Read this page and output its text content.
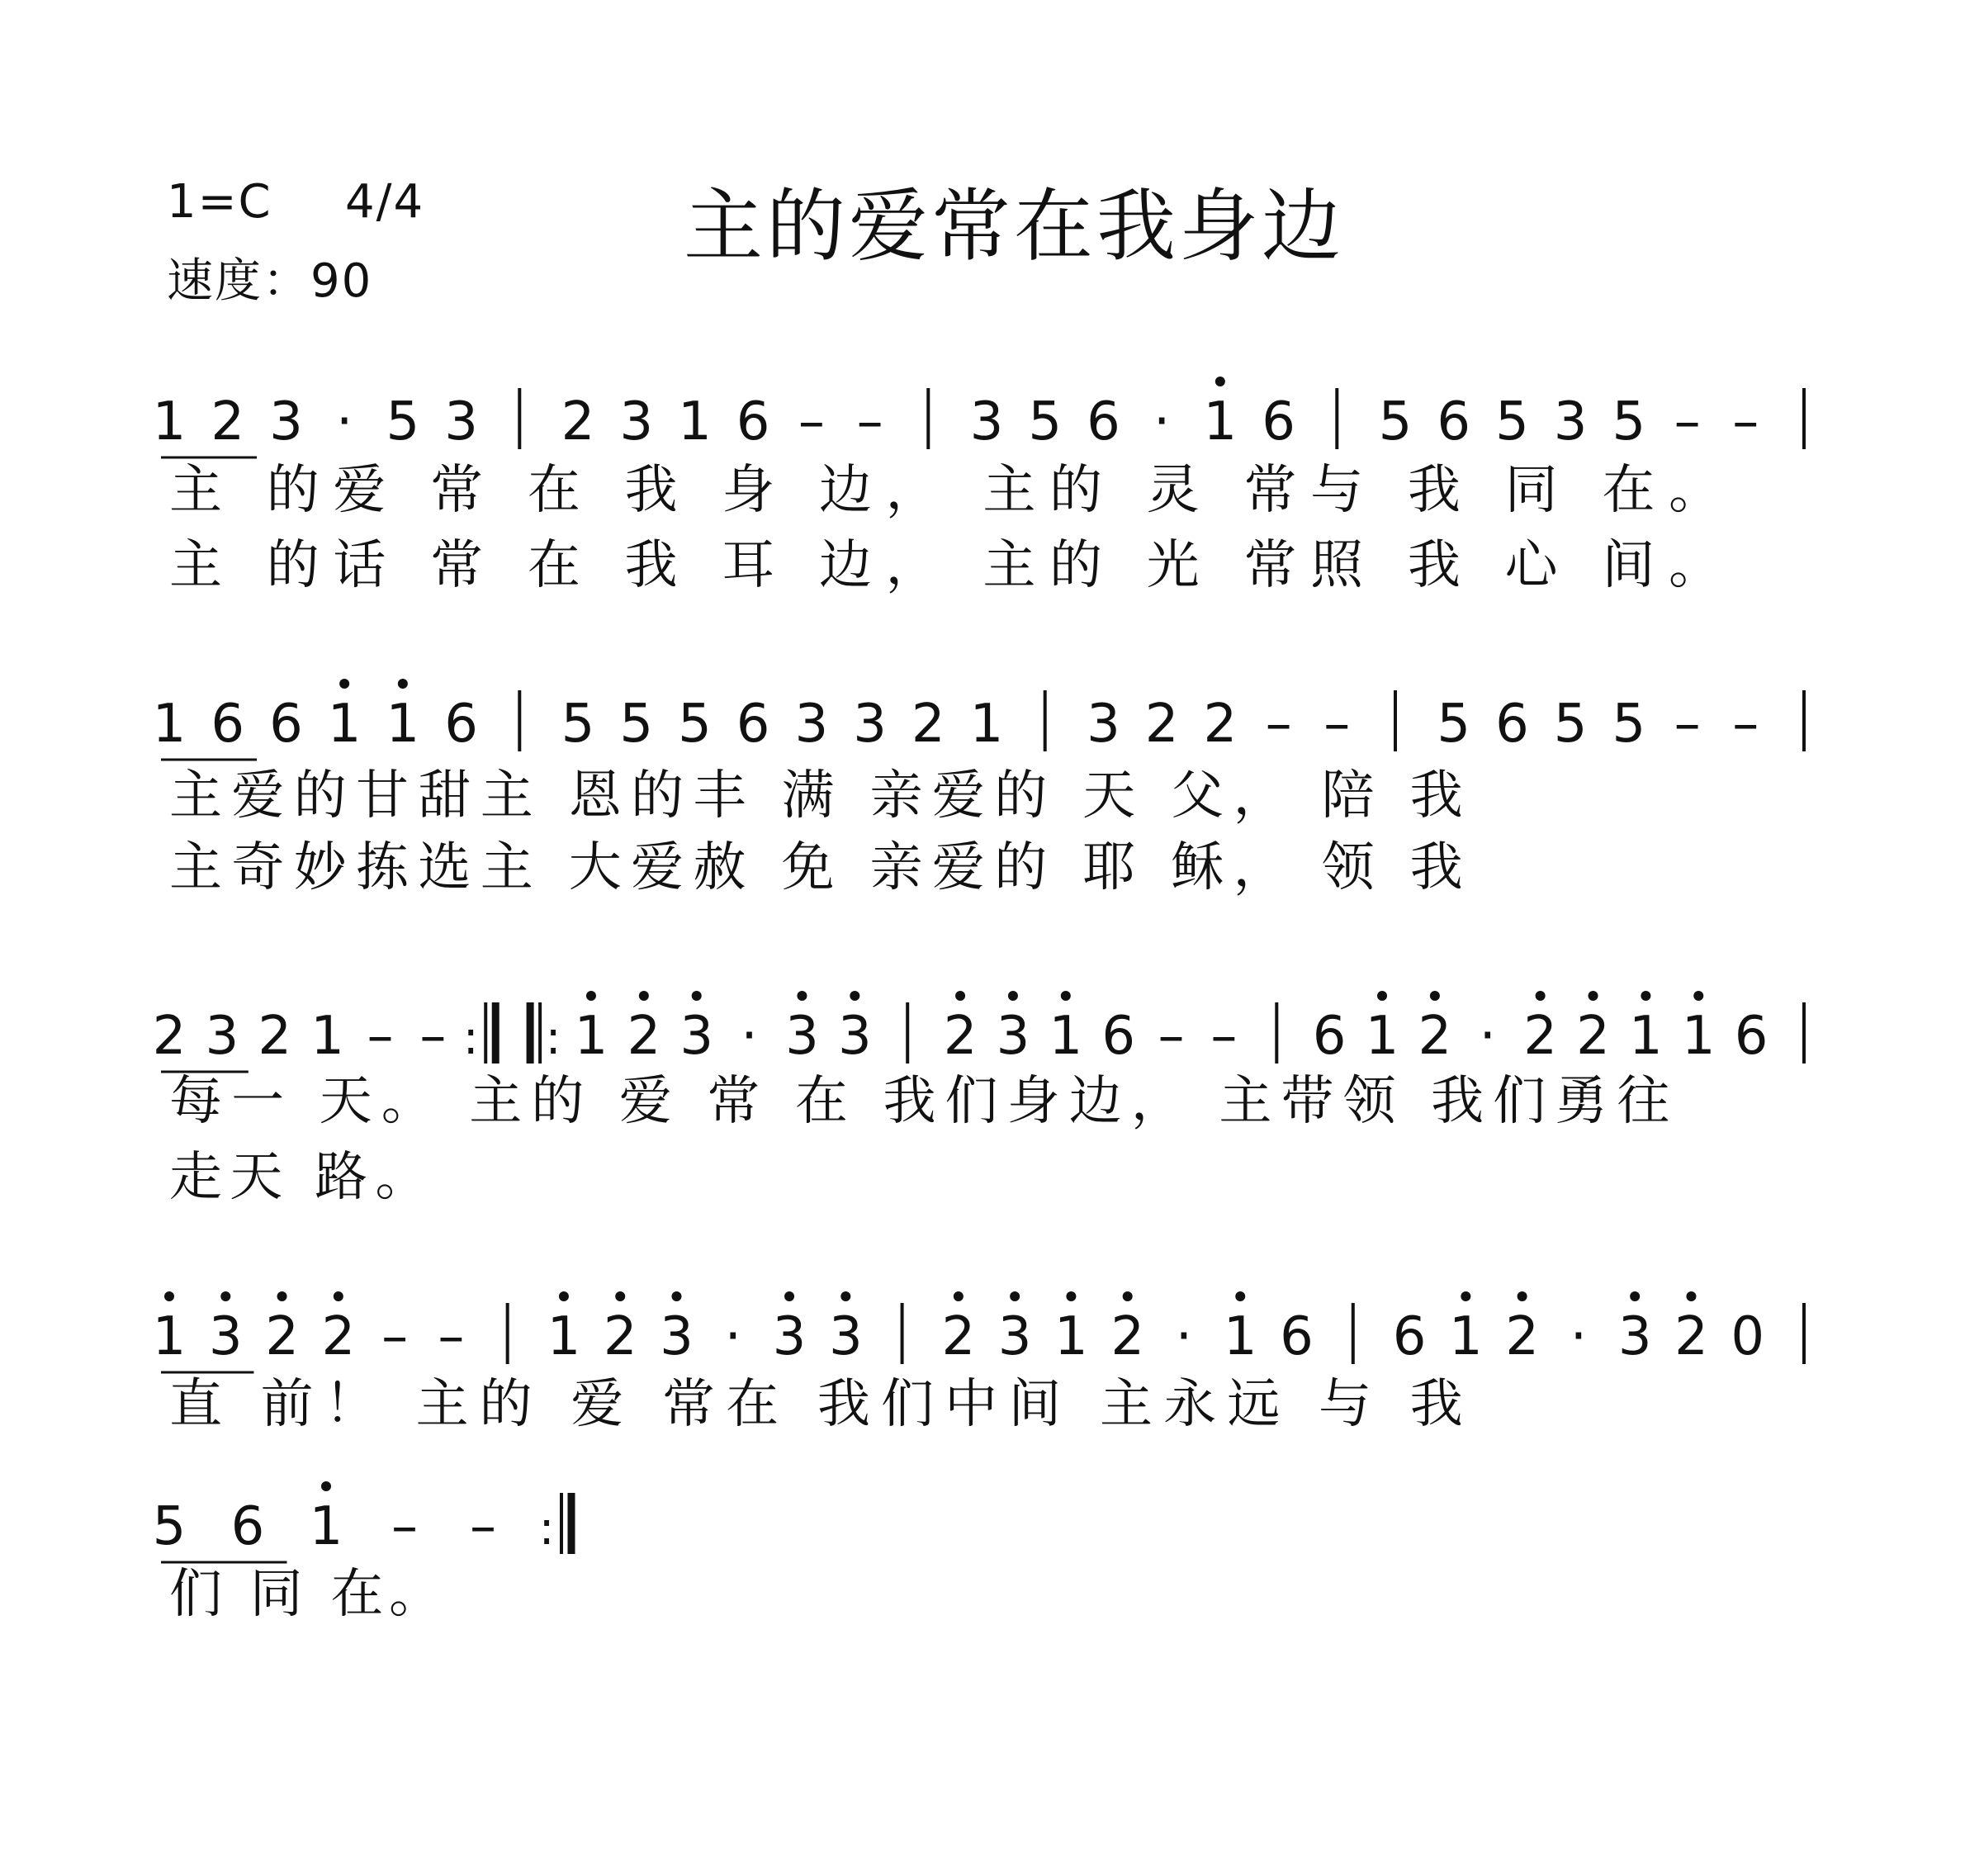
1=C 4/4
速度：90
主的爱常在我身边
1 2 3 · 5 3 2 3 1 6 – – 3 5 6 · 1 6 5 6 5 3 5 – –
主 的爱 常 在 我 身 边， 主的 灵 常与 我 同 在。
主 的话 常 在 我 耳 边， 主的 光 常照 我 心 间。
1 6 6 1 1 6 5 5 5 6 3 3 2 1 3 2 2 – – 5 6 5 5 – –
主爱的甘甜主 恩的丰 满 亲爱的 天 父， 陪 我
主奇妙拣选主 大爱赦 免 亲爱的 耶 稣， 领 我
2 3 2 1 – – : : 1 2 3 · 3 3 2 3 1 6 – – 6 1 2 · 2 2 1 1 6
每一 天。 主的 爱 常 在 我们身边， 主带领 我们勇往
走天 路。
1 3 2 2 – – 1 2 3 · 3 3 2 3 1 2 · 1 6 6 1 2 · 3 2 0
直 前！ 主的 爱 常在 我们中间 主永远 与 我
5 6 1 – – :
们 同 在。
